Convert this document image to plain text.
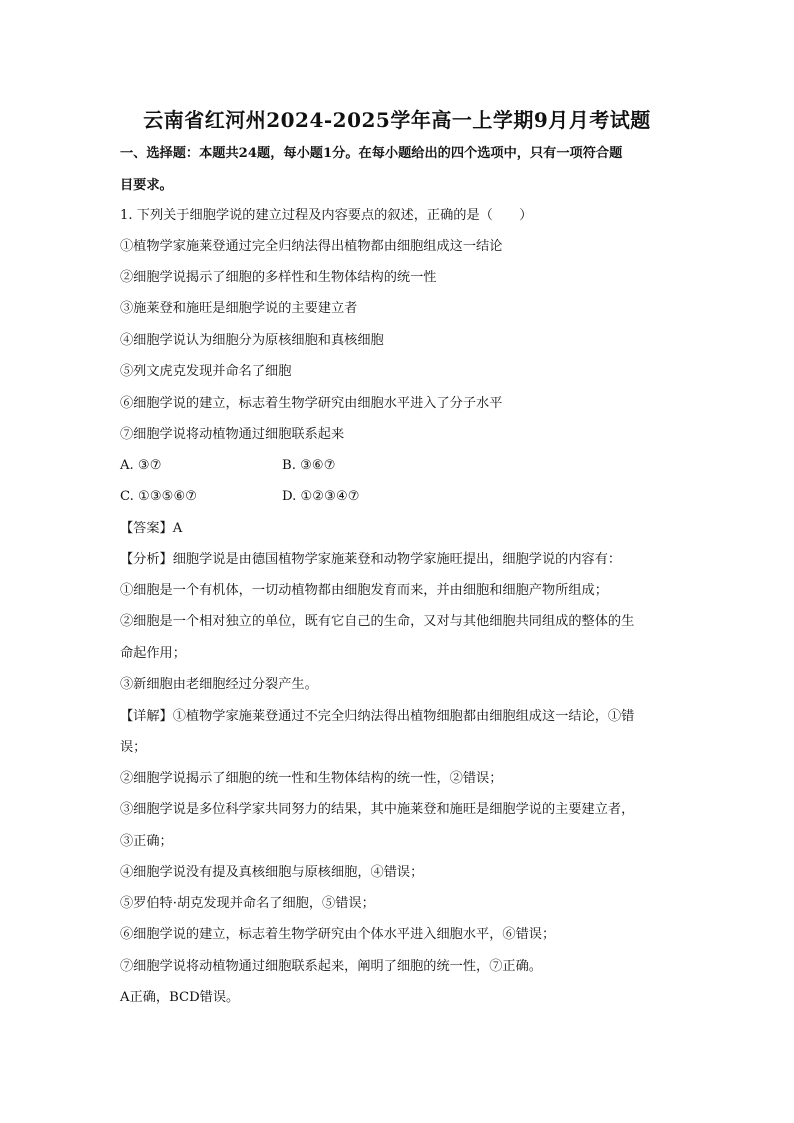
云南省红河州2024-2025学年高一上学期9月月考试题
一、选择题：本题共24题，每小题1分。在每小题给出的四个选项中，只有一项符合题
目要求。
1. 下列关于细胞学说的建立过程及内容要点的叙述，正确的是（　　）
①植物学家施莱登通过完全归纳法得出植物都由细胞组成这一结论
②细胞学说揭示了细胞的多样性和生物体结构的统一性
③施莱登和施旺是细胞学说的主要建立者
④细胞学说认为细胞分为原核细胞和真核细胞
⑤列文虎克发现并命名了细胞
⑥细胞学说的建立，标志着生物学研究由细胞水平进入了分子水平
⑦细胞学说将动植物通过细胞联系起来
A. ③⑦	B. ③⑥⑦
C. ①③⑤⑥⑦	D. ①②③④⑦
【答案】A
【分析】细胞学说是由德国植物学家施莱登和动物学家施旺提出，细胞学说的内容有：
①细胞是一个有机体，一切动植物都由细胞发育而来，并由细胞和细胞产物所组成；
②细胞是一个相对独立的单位，既有它自己的生命，又对与其他细胞共同组成的整体的生
命起作用；
③新细胞由老细胞经过分裂产生。
【详解】①植物学家施莱登通过不完全归纳法得出植物细胞都由细胞组成这一结论，①错
误；
②细胞学说揭示了细胞的统一性和生物体结构的统一性，②错误；
③细胞学说是多位科学家共同努力的结果，其中施莱登和施旺是细胞学说的主要建立者，
③正确；
④细胞学说没有提及真核细胞与原核细胞，④错误；
⑤罗伯特·胡克发现并命名了细胞，⑤错误；
⑥细胞学说的建立，标志着生物学研究由个体水平进入细胞水平，⑥错误；
⑦细胞学说将动植物通过细胞联系起来，阐明了细胞的统一性，⑦正确。
A正确，BCD错误。
